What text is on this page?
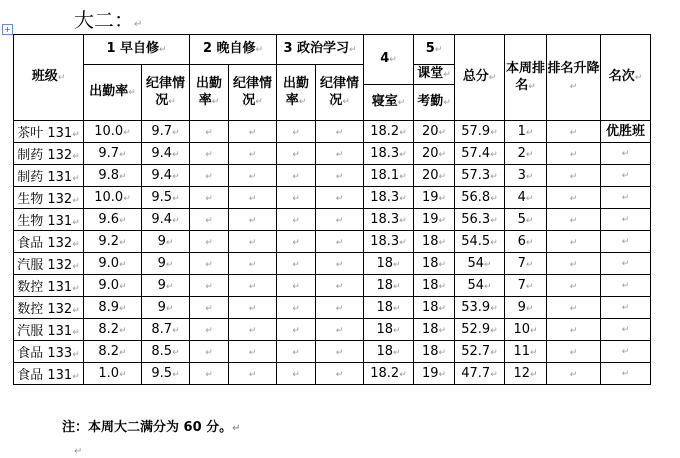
大二：↵
+
班级↵	1 早自修↵		2 晚自修↵		3 政治学习↵		4↵	5↵	总分↵	本周排名↵	排名升降↵	名次↵
	出勤率↵	纪律情况↵	出勤率↵	纪律情况↵	出勤率↵	纪律情况↵		课堂↵				
							寝室↵	考勤↵				
茶叶 131↵	10.0↵	9.7↵	↵	↵	↵	↵	18.2↵	20↵	57.9↵	1↵	↵	优胜班
制药 132↵	9.7↵	9.4↵	↵	↵	↵	↵	18.3↵	20↵	57.4↵	2↵	↵	↵
制药 131↵	9.8↵	9.4↵	↵	↵	↵	↵	18.1↵	20↵	57.3↵	3↵	↵	↵
生物 132↵	10.0↵	9.5↵	↵	↵	↵	↵	18.3↵	19↵	56.8↵	4↵	↵	↵
生物 131↵	9.6↵	9.4↵	↵	↵	↵	↵	18.3↵	19↵	56.3↵	5↵	↵	↵
食品 132↵	9.2↵	9↵	↵	↵	↵	↵	18.3↵	18↵	54.5↵	6↵	↵	↵
汽服 132↵	9.0↵	9↵	↵	↵	↵	↵	18↵	18↵	54↵	7↵	↵	↵
数控 131↵	9.0↵	9↵	↵	↵	↵	↵	18↵	18↵	54↵	7↵	↵	↵
数控 132↵	8.9↵	9↵	↵	↵	↵	↵	18↵	18↵	53.9↵	9↵	↵	↵
汽服 131↵	8.2↵	8.7↵	↵	↵	↵	↵	18↵	18↵	52.9↵	10↵	↵	↵
食品 133↵	8.2↵	8.5↵	↵	↵	↵	↵	18↵	18↵	52.7↵	11↵	↵	↵
食品 131↵	1.0↵	9.5↵	↵	↵	↵	↵	18.2↵	19↵	47.7↵	12↵	↵	↵
注：本周大二满分为 60 分。↵
↵
